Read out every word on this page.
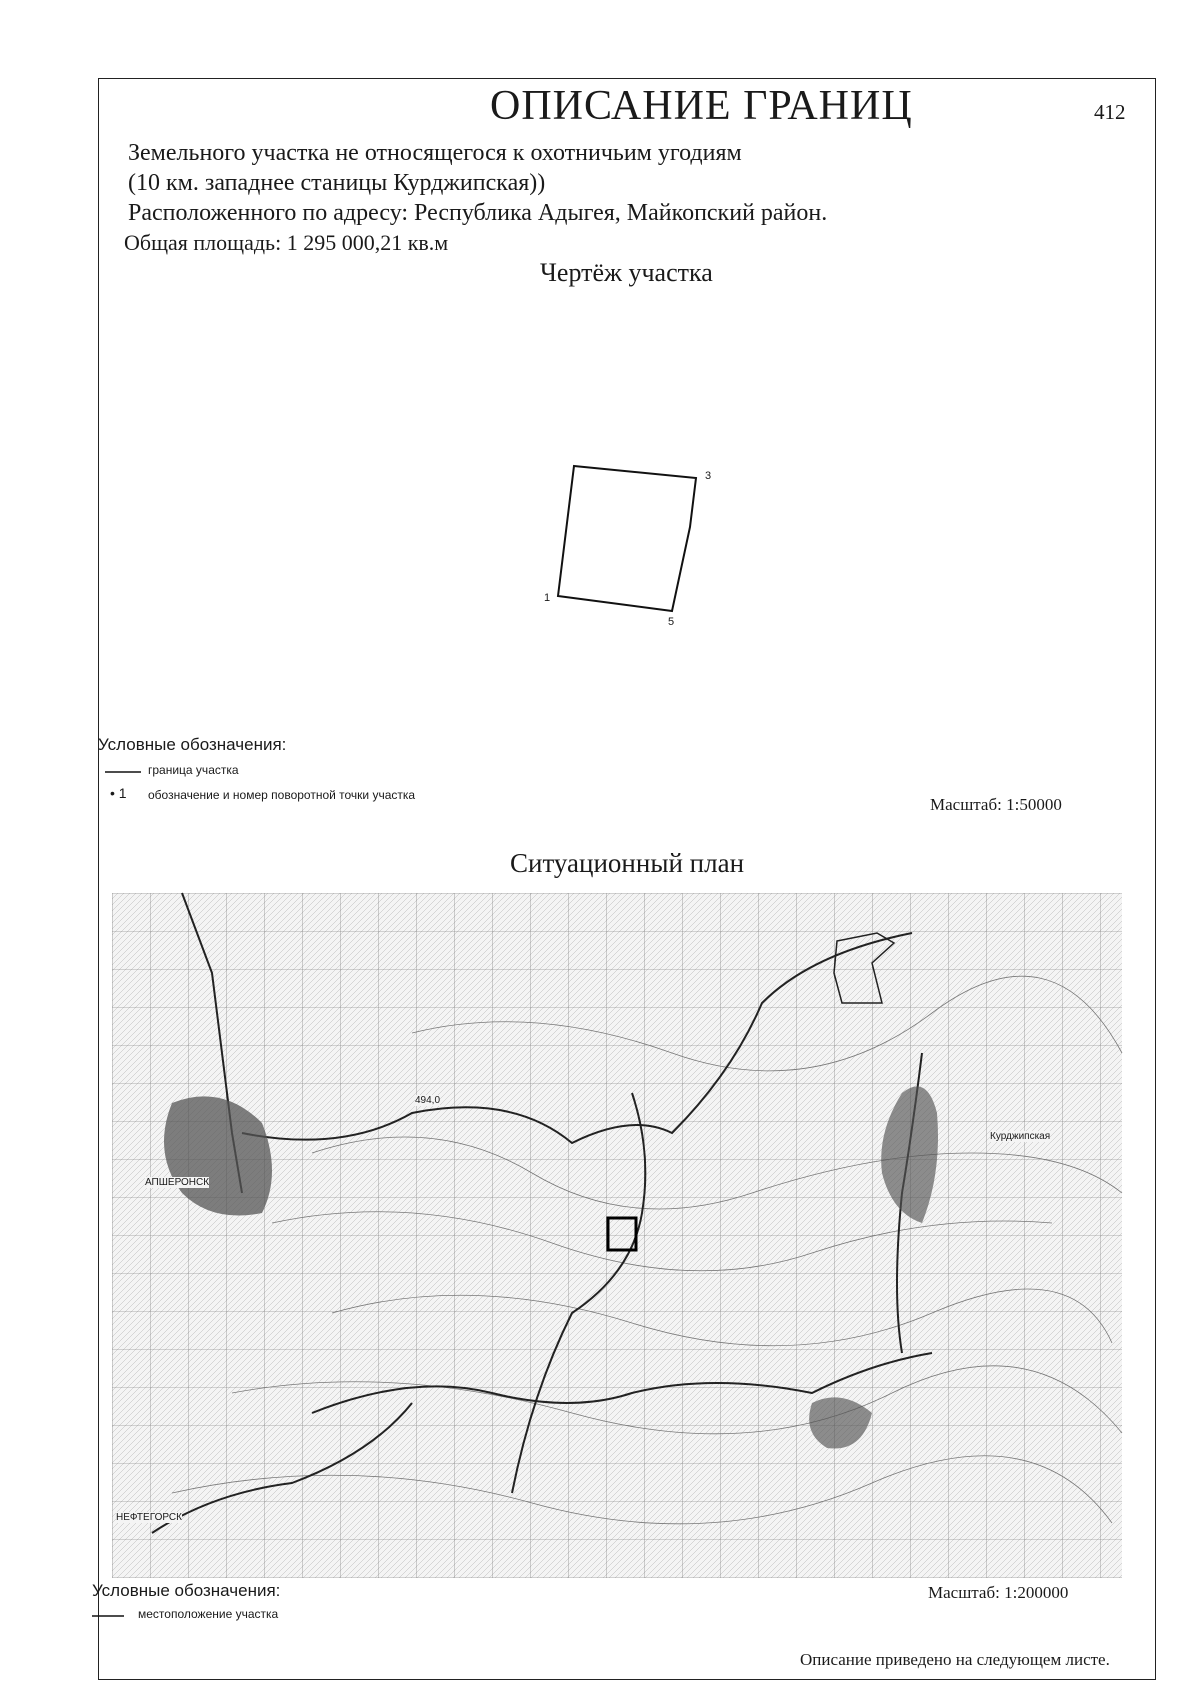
ОПИСАНИЕ ГРАНИЦ	412
Земельного участка не относящегося к охотничьим угодиям
(10 км. западнее станицы Курджипская))
Расположенного по адресу: Республика Адыгея, Майкопский район.
Общая площадь: 1 295 000,21 кв.м
Чертёж участка
3
1
5
Условные обозначения:
граница участка
• 1 обозначение и номер поворотной точки участка	Масштаб: 1:50000
Ситуационный план
АПШЕРОНСК
Курджипская
НЕФТЕГОРСК
494,0
Условные обозначения:
местоположение участка
Масштаб: 1:200000
Описание приведено на следующем листе.
